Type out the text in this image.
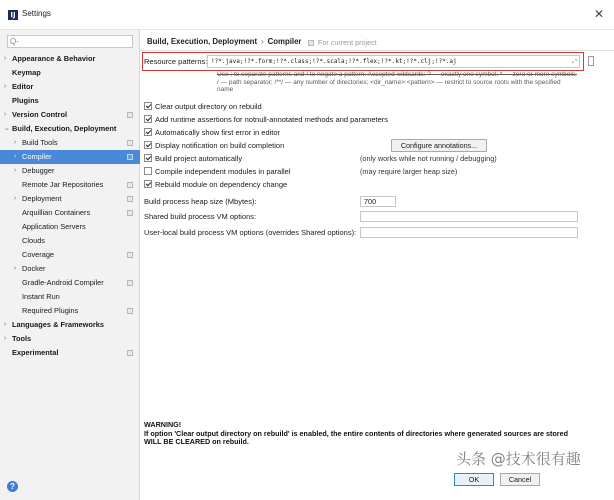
IJ Settings	✕
Q-
› Appearance & Behavior
Keymap
› Editor
Plugins
› Version Control
⌄ Build, Execution, Deployment
› Build Tools
› Compiler
› Debugger
Remote Jar Repositories
› Deployment
Arquillian Containers
Application Servers
Clouds
Coverage
› Docker
Gradle-Android Compiler
Instant Run
Required Plugins
› Languages & Frameworks
› Tools
Experimental
?
Build, Execution, Deployment › Compiler	For current project
Resource patterns: !?*.java;!?*.form;!?*.class;!?*.scala;!?*.flex;!?*.kt;!?*.clj;!?*.aj	⤢
Use ; to separate patterns and ! to negate a pattern. Accepted wildcards: ? — exactly one symbol; * — zero or more symbols;
/ — path separator; /**/ — any number of directories; <dir_name>:<pattern> — restrict to source roots with the specified
name
Clear output directory on rebuild
Add runtime assertions for notnull-annotated methods and parameters
Automatically show first error in editor
Display notification on build completion
Build project automatically	(only works while not running / debugging)
Compile independent modules in parallel	(may require larger heap size)
Rebuild module on dependency change
Configure annotations...
Build process heap size (Mbytes):	700
Shared build process VM options:
User-local build process VM options (overrides Shared options):
WARNING!
If option 'Clear output directory on rebuild' is enabled, the entire contents of directories where generated sources are stored
WILL BE CLEARED on rebuild.
OK	Cancel
头条 @技术很有趣
